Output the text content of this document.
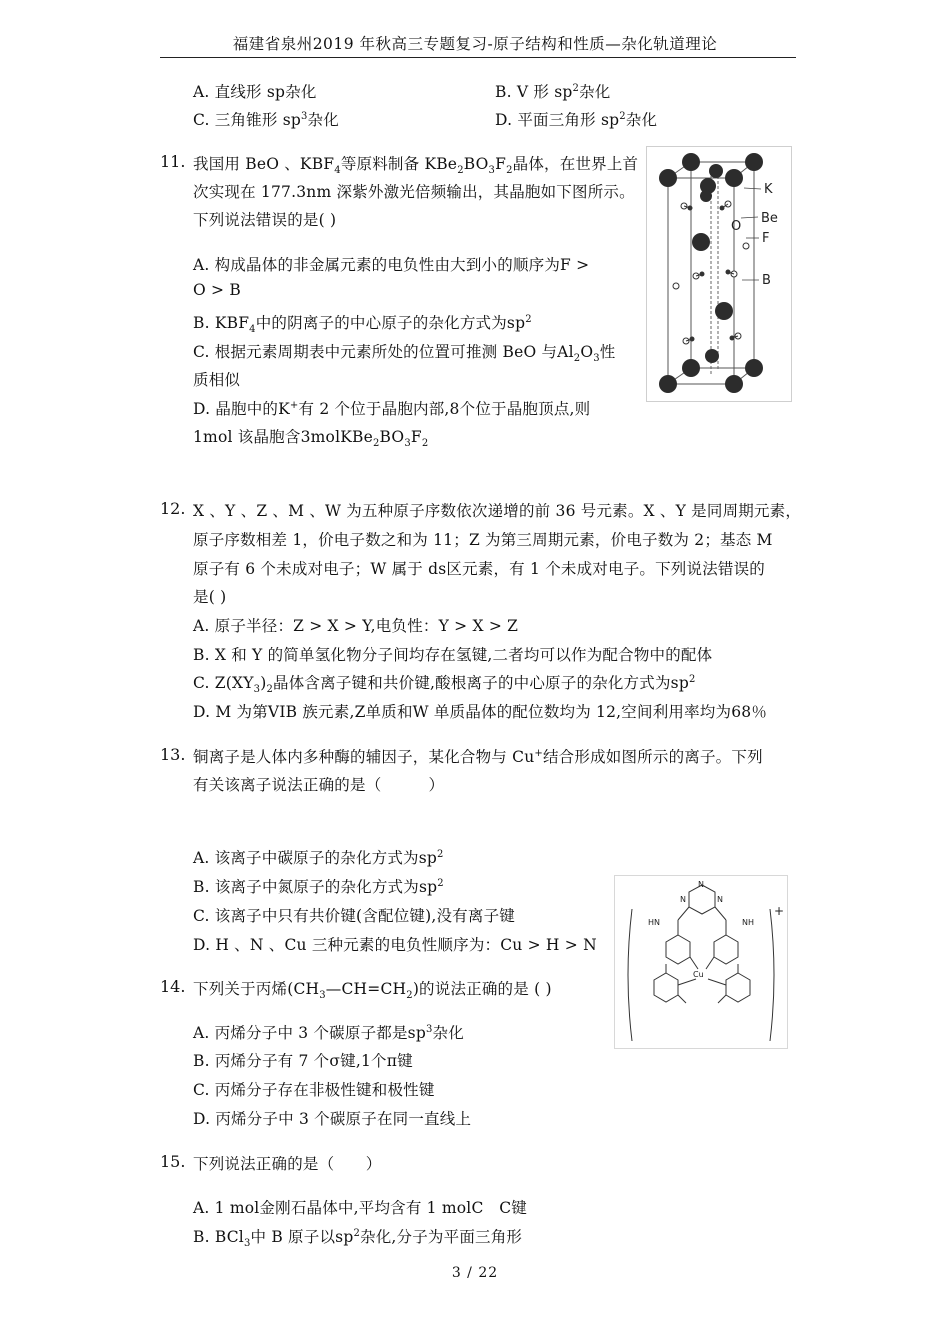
福建省泉州2019 年秋高三专题复习-原子结构和性质—杂化轨道理论
A. 直线形 sp杂化	B. V 形 $sp^2$杂化
C. 三角锥形 $sp^3$杂化	D. 平面三角形 $sp^2$杂化
11. 我国用 BeO 、$KBF_4$等原料制备 $KBe_2BO_3F_2$晶体，在世界上首
次实现在 177.3nm 深紫外激光倍频输出，其晶胞如下图所示。
下列说法错误的是( )
A. 构成晶体的非金属元素的电负性由大到小的顺序为F >
O > B
B. $KBF_4$中的阴离子的中心原子的杂化方式为$sp^2$
C. 根据元素周期表中元素所处的位置可推测 BeO 与$Al_2O_3$性
质相似
D. 晶胞中的K+有 2 个位于晶胞内部,8个位于晶胞顶点,则
1mol 该晶胞含$3molKBe_2BO_3F_2$
K
Be
O
F
B
12. X 、Y 、Z 、M 、W 为五种原子序数依次递增的前 36 号元素。X 、Y 是同周期元素，
原子序数相差 1，价电子数之和为 11；Z 为第三周期元素，价电子数为 2；基态 M
原子有 6 个未成对电子；W 属于 ds区元素，有 1 个未成对电子。下列说法错误的
是( )
A. 原子半径：Z > X > Y,电负性：Y > X > Z
B. X 和 Y 的简单氢化物分子间均存在氢键,二者均可以作为配合物中的配体
C. $Z(XY_3)_2$晶体含离子键和共价键,酸根离子的中心原子的杂化方式为$sp^2$
D. M 为第VIB 族元素,Z单质和W 单质晶体的配位数均为 12,空间利用率均为68％
13. 铜离子是人体内多种酶的辅因子，某化合物与 Cu+结合形成如图所示的离子。下列
有关该离子说法正确的是（　　　）
A. 该离子中碳原子的杂化方式为$sp^2$
B. 该离子中氮原子的杂化方式为$sp^2$
C. 该离子中只有共价键(含配位键),没有离子键
D. H 、N 、Cu 三种元素的电负性顺序为：Cu > H > N
+
N
N	N
HN	NH
Cu
14. 下列关于丙烯$(CH_3—CH=CH_2)$的说法正确的是 ( )
A. 丙烯分子中 3 个碳原子都是$sp^3$杂化
B. 丙烯分子有 7 个σ键,1个π键
C. 丙烯分子存在非极性键和极性键
D. 丙烯分子中 3 个碳原子在同一直线上
15. 下列说法正确的是（　　）
A. 1 mol金刚石晶体中,平均含有 1 molC　C键
B. BCl$_3$中 B 原子以$sp^2$杂化,分子为平面三角形
3 / 22
